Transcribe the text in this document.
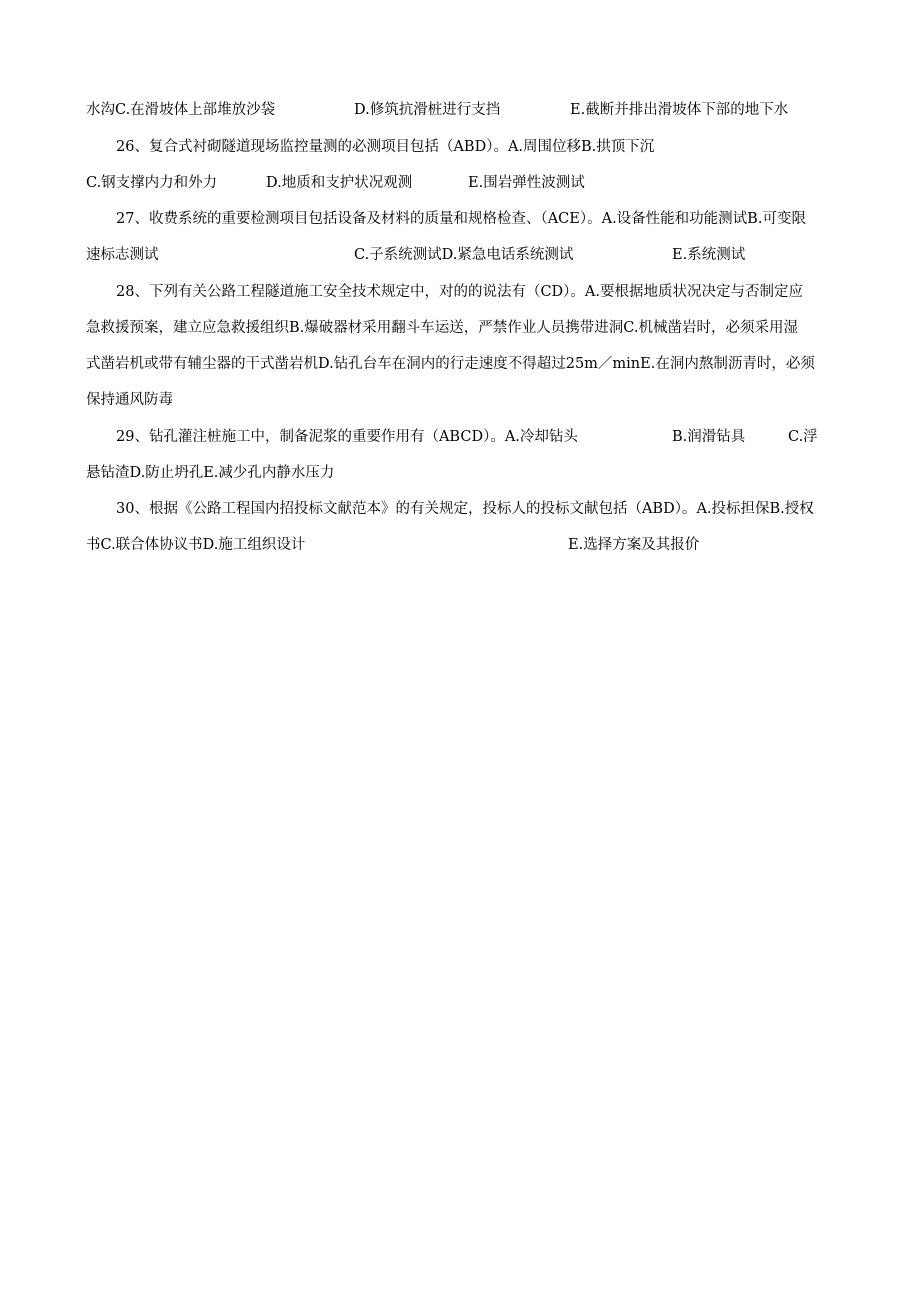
水沟C.在滑坡体上部堆放沙袋	D.修筑抗滑桩进行支挡	E.截断并排出滑坡体下部的地下水
26、复合式衬砌隧道现场监控量测的必测项目包括（ABD）。A.周围位移B.拱顶下沉
C.钢支撑内力和外力	D.地质和支护状况观测	E.围岩弹性波测试
27、收费系统的重要检测项目包括设备及材料的质量和规格检查、（ACE）。A.设备性能和功能测试B.可变限
速标志测试	C.子系统测试D.紧急电话系统测试	E.系统测试
28、下列有关公路工程隧道施工安全技术规定中，对的的说法有（CD）。A.要根据地质状况决定与否制定应
急救援预案，建立应急救援组织B.爆破器材采用翻斗车运送，严禁作业人员携带进洞C.机械凿岩时，必须采用湿
式凿岩机或带有辅尘器的干式凿岩机D.钻孔台车在洞内的行走速度不得超过25m／minE.在洞内熬制沥青时，必须
保持通风防毒
29、钻孔灌注桩施工中，制备泥浆的重要作用有（ABCD）。A.冷却钻头	B.润滑钻具	C.浮
悬钻渣D.防止坍孔E.减少孔内静水压力
30、根据《公路工程国内招投标文献范本》的有关规定，投标人的投标文献包括（ABD）。A.投标担保B.授权
书C.联合体协议书D.施工组织设计	E.选择方案及其报价
